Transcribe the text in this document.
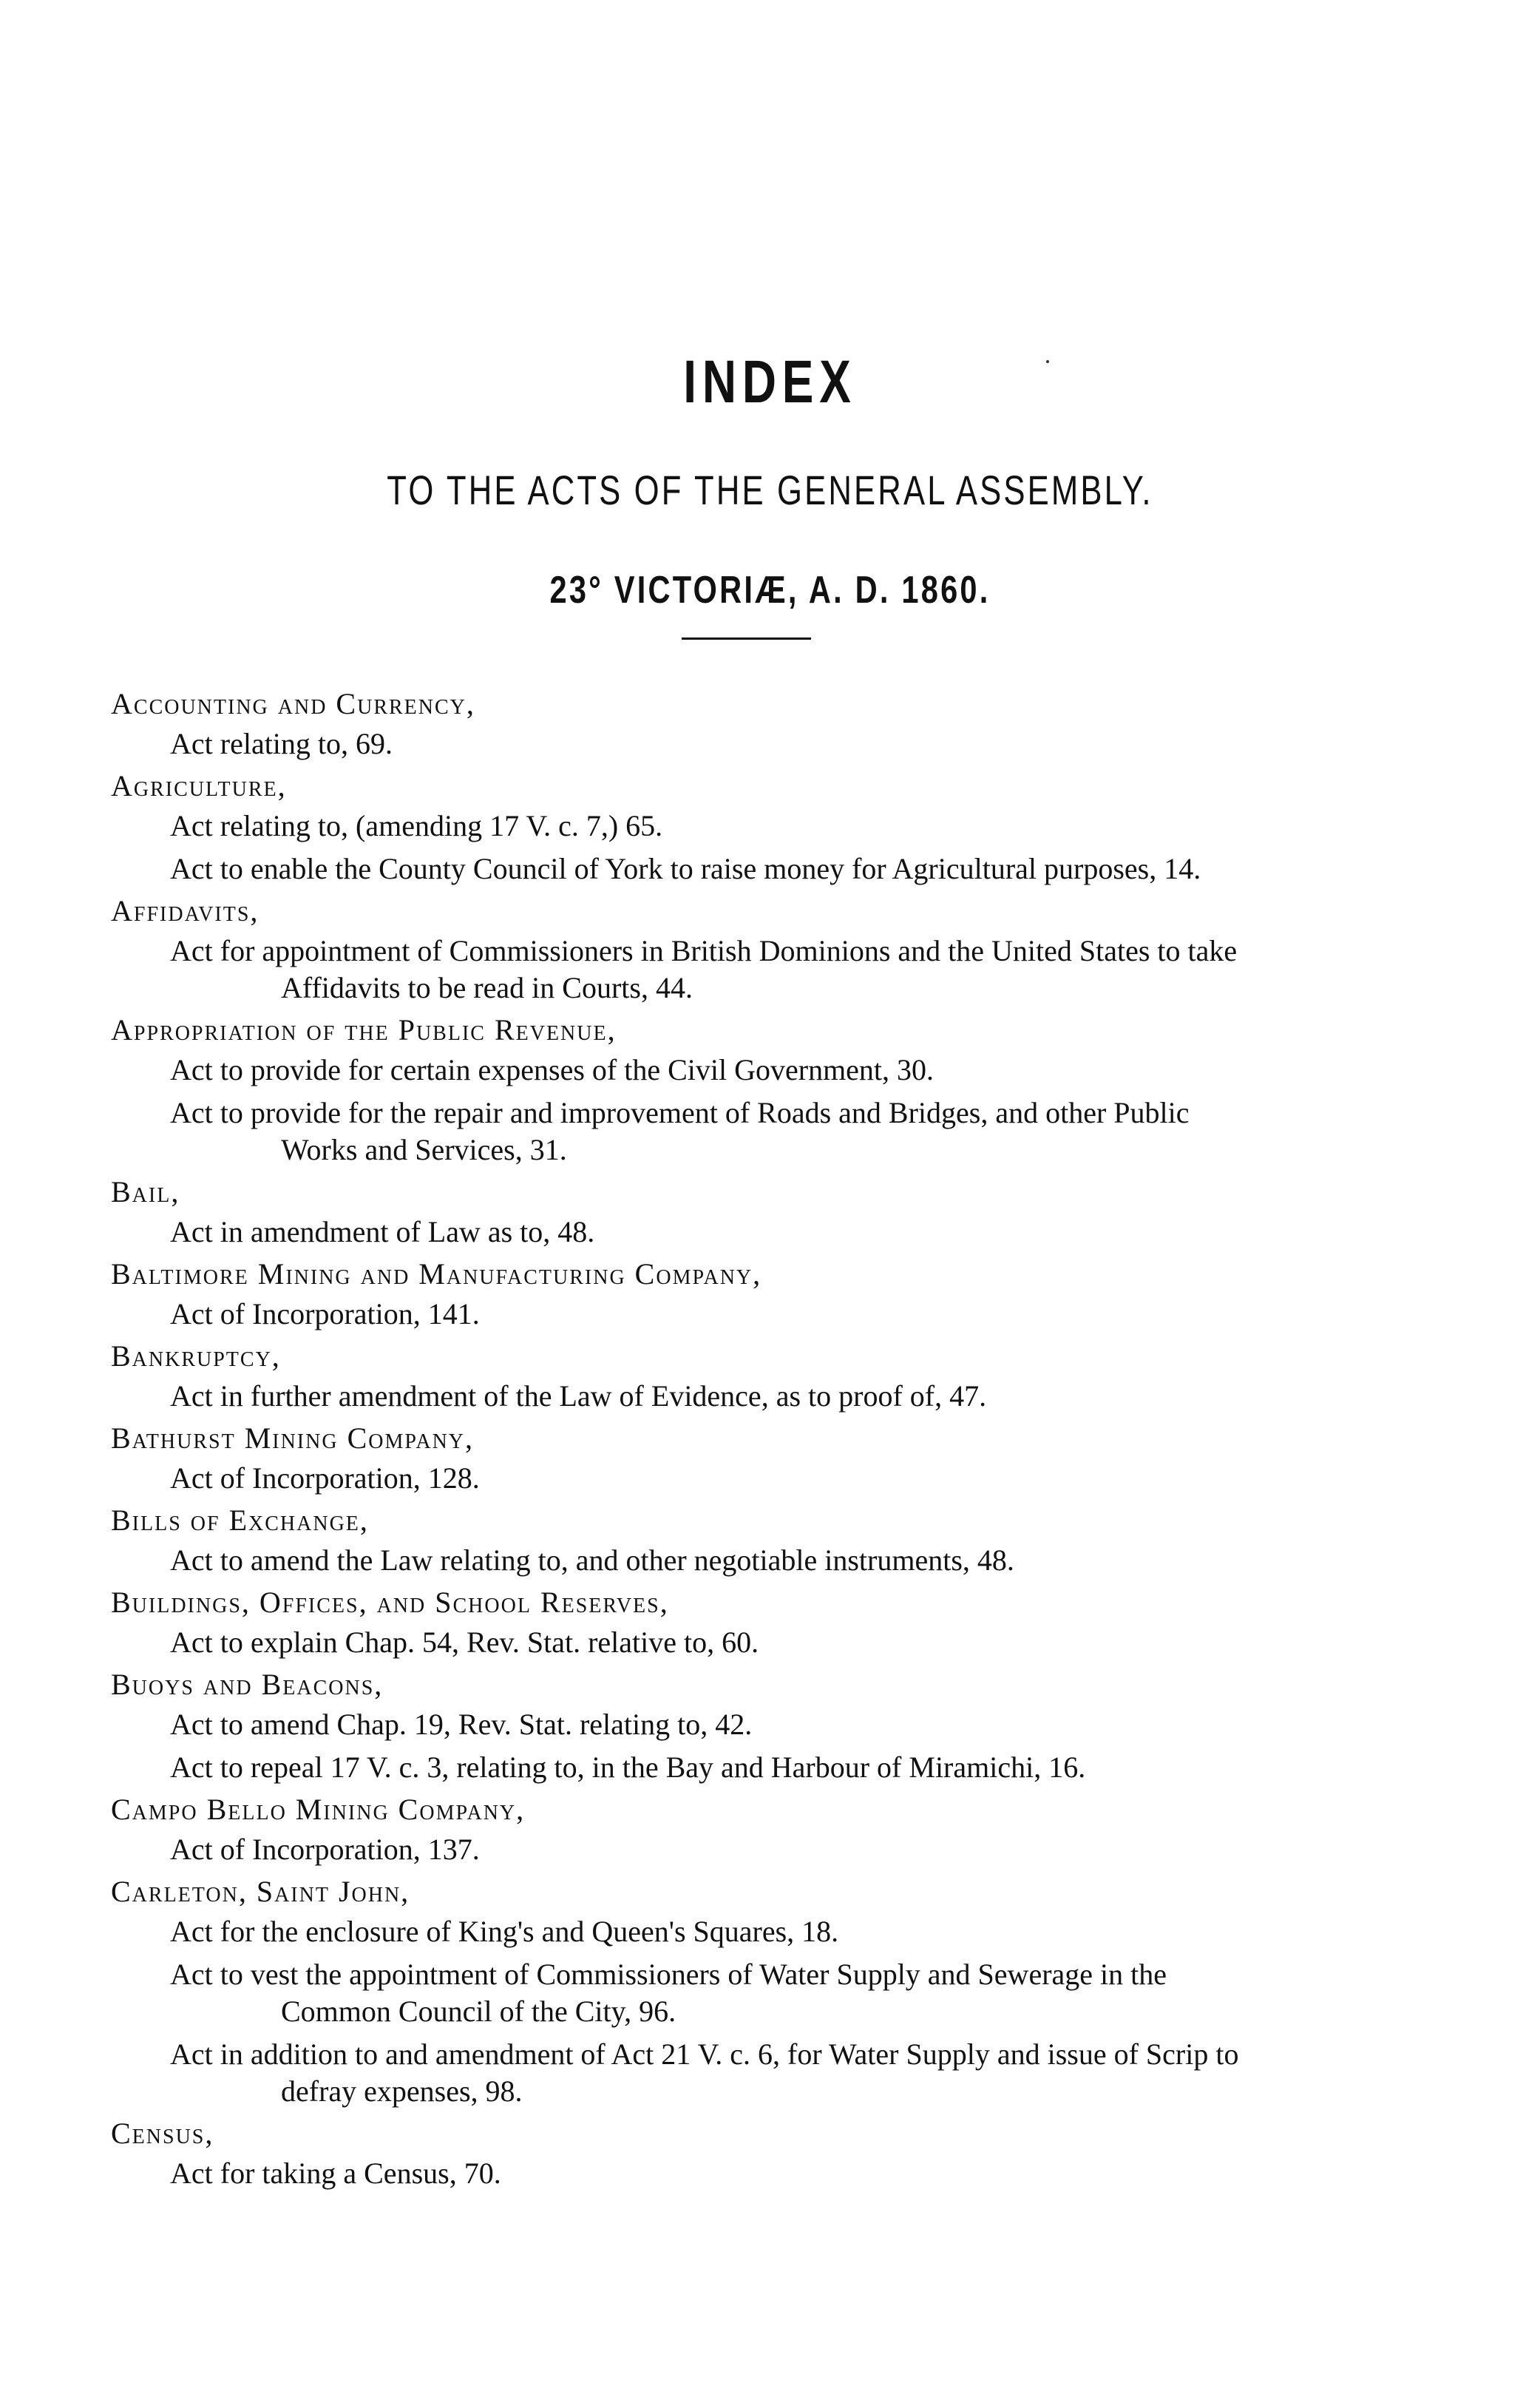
INDEX
TO THE ACTS OF THE GENERAL ASSEMBLY.
23° VICTORIÆ, A. D. 1860.
Accounting and Currency,
Act relating to, 69.
Agriculture,
Act relating to, (amending 17 V. c. 7,) 65.
Act to enable the County Council of York to raise money for Agricultural purposes, 14.
Affidavits,
Act for appointment of Commissioners in British Dominions and the United States to take Affidavits to be read in Courts, 44.
Appropriation of the Public Revenue,
Act to provide for certain expenses of the Civil Government, 30.
Act to provide for the repair and improvement of Roads and Bridges, and other Public Works and Services, 31.
Bail,
Act in amendment of Law as to, 48.
Baltimore Mining and Manufacturing Company,
Act of Incorporation, 141.
Bankruptcy,
Act in further amendment of the Law of Evidence, as to proof of, 47.
Bathurst Mining Company,
Act of Incorporation, 128.
Bills of Exchange,
Act to amend the Law relating to, and other negotiable instruments, 48.
Buildings, Offices, and School Reserves,
Act to explain Chap. 54, Rev. Stat. relative to, 60.
Buoys and Beacons,
Act to amend Chap. 19, Rev. Stat. relating to, 42.
Act to repeal 17 V. c. 3, relating to, in the Bay and Harbour of Miramichi, 16.
Campo Bello Mining Company,
Act of Incorporation, 137.
Carleton, Saint John,
Act for the enclosure of King's and Queen's Squares, 18.
Act to vest the appointment of Commissioners of Water Supply and Sewerage in the Common Council of the City, 96.
Act in addition to and amendment of Act 21 V. c. 6, for Water Supply and issue of Scrip to defray expenses, 98.
Census,
Act for taking a Census, 70.
